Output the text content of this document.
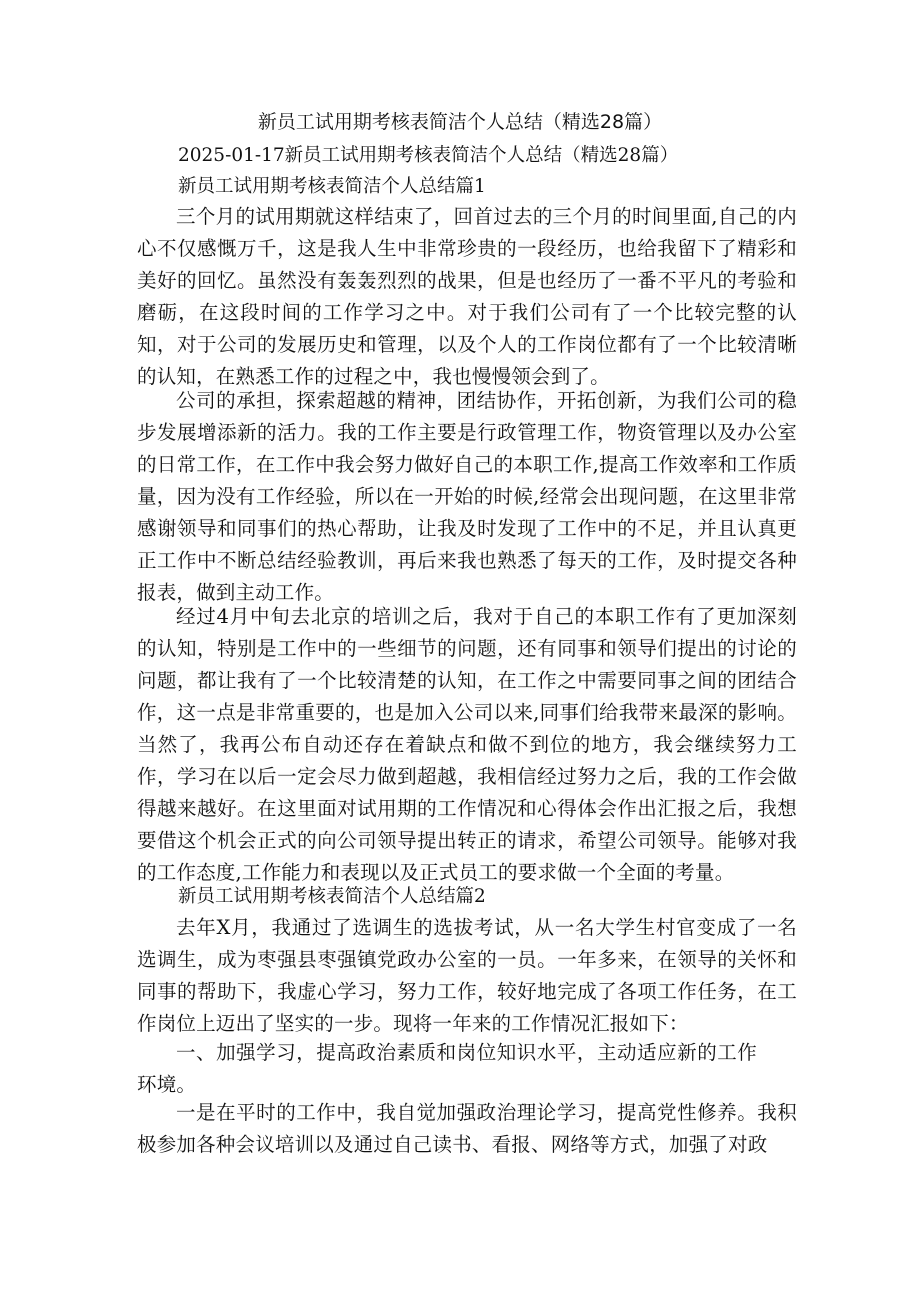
新员工试用期考核表简洁个人总结（精选28篇）
2025-01-17新员工试用期考核表简洁个人总结（精选28篇）
新员工试用期考核表简洁个人总结篇1
三个月的试用期就这样结束了，回首过去的三个月的时间里面,自己的内心不仅感慨万千，这是我人生中非常珍贵的一段经历，也给我留下了精彩和美好的回忆。虽然没有轰轰烈烈的战果，但是也经历了一番不平凡的考验和磨砺，在这段时间的工作学习之中。对于我们公司有了一个比较完整的认知，对于公司的发展历史和管理，以及个人的工作岗位都有了一个比较清晰的认知，在熟悉工作的过程之中，我也慢慢领会到了。
公司的承担，探索超越的精神，团结协作，开拓创新，为我们公司的稳步发展增添新的活力。我的工作主要是行政管理工作，物资管理以及办公室的日常工作，在工作中我会努力做好自己的本职工作,提高工作效率和工作质量，因为没有工作经验，所以在一开始的时候,经常会出现问题，在这里非常感谢领导和同事们的热心帮助，让我及时发现了工作中的不足，并且认真更正工作中不断总结经验教训，再后来我也熟悉了每天的工作，及时提交各种报表，做到主动工作。
经过4月中旬去北京的培训之后，我对于自己的本职工作有了更加深刻的认知，特别是工作中的一些细节的问题，还有同事和领导们提出的讨论的问题，都让我有了一个比较清楚的认知，在工作之中需要同事之间的团结合作，这一点是非常重要的，也是加入公司以来,同事们给我带来最深的影响。当然了，我再公布自动还存在着缺点和做不到位的地方，我会继续努力工作，学习在以后一定会尽力做到超越，我相信经过努力之后，我的工作会做得越来越好。在这里面对试用期的工作情况和心得体会作出汇报之后，我想要借这个机会正式的向公司领导提出转正的请求，希望公司领导。能够对我的工作态度,工作能力和表现以及正式员工的要求做一个全面的考量。
新员工试用期考核表简洁个人总结篇2
去年X月，我通过了选调生的选拔考试，从一名大学生村官变成了一名选调生，成为枣强县枣强镇党政办公室的一员。一年多来，在领导的关怀和同事的帮助下，我虚心学习，努力工作，较好地完成了各项工作任务，在工作岗位上迈出了坚实的一步。现将一年来的工作情况汇报如下：
一、加强学习，提高政治素质和岗位知识水平，主动适应新的工作环境。
一是在平时的工作中，我自觉加强政治理论学习，提高党性修养。我积极参加各种会议培训以及通过自己读书、看报、网络等方式，加强了对政
